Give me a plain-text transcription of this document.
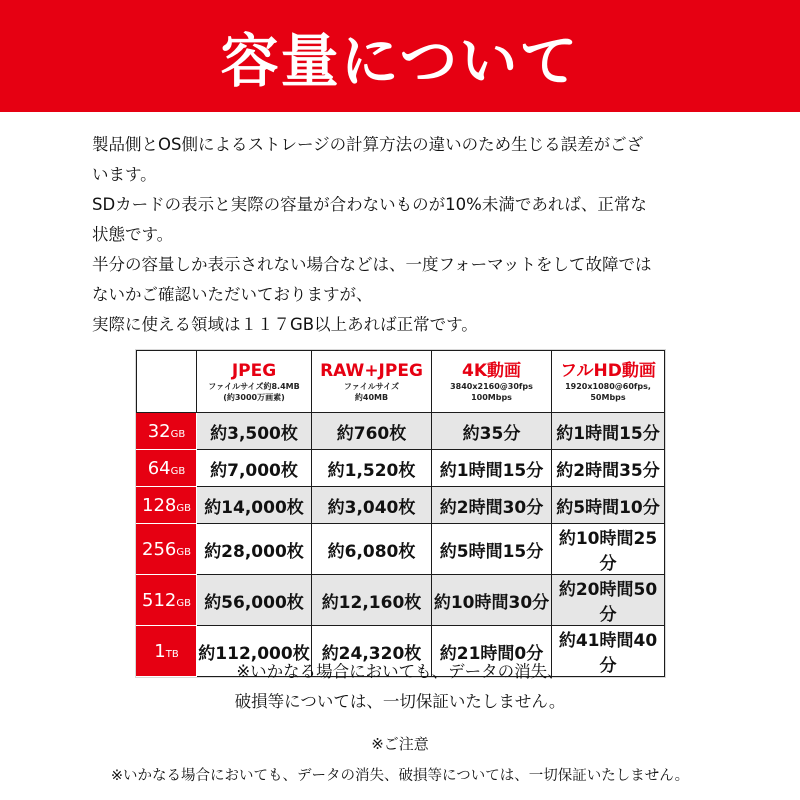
容量について

製品側とOS側によるストレージの計算方法の違いのため生じる誤差がござ

います。

SDカードの表示と実際の容量が合わないものが10%未満であれば、正常な

状態です。

半分の容量しか表示されない場合などは、一度フォーマットをして故障では

ないかご確認いただいておりますが、

実際に使える領域は１１７GB以上あれば正常です。

	JPEG
ファイルサイズ約8.4MB
(約3000万画素)	RAW+JPEG
ファイルサイズ
約40MB	4K動画
3840x2160@30fps
100Mbps	フルHD動画
1920x1080@60fps,
50Mbps

32GB	約3,500枚	約760枚	約35分	約1時間15分
64GB	約7,000枚	約1,520枚	約1時間15分	約2時間35分
128GB	約14,000枚	約3,040枚	約2時間30分	約5時間10分
256GB	約28,000枚	約6,080枚	約5時間15分	約10時間25分
512GB	約56,000枚	約12,160枚	約10時間30分	約20時間50分
1TB	約112,000枚	約24,320枚	約21時間0分	約41時間40分
※いかなる場合においても、データの消失、
破損等については、一切保証いたしません。
※ご注意
※いかなる場合においても、データの消失、破損等については、一切保証いたしません。
